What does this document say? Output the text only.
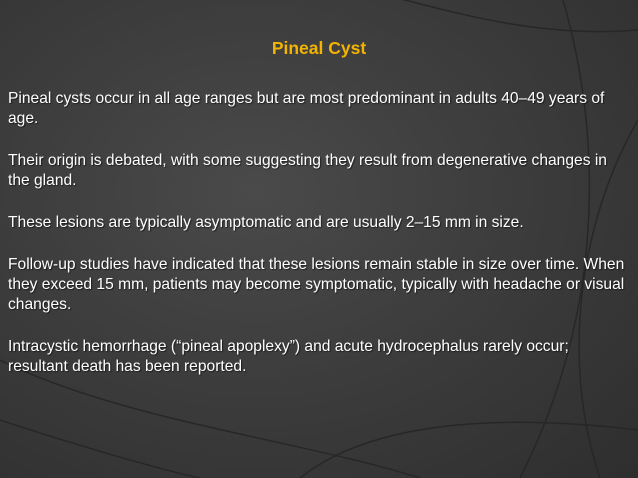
Pineal Cyst

Pineal cysts occur in all age ranges but are most predominant in adults 40–49 years of age.

Their origin is debated, with some suggesting they result from degenerative changes in the gland.

These lesions are typically asymptomatic and are usually 2–15 mm in size.

Follow-up studies have indicated that these lesions remain stable in size over time. When they exceed 15 mm, patients may become symptomatic, typically with headache or visual changes.

Intracystic hemorrhage (“pineal apoplexy”) and acute hydrocephalus rarely occur; resultant death has been reported.
